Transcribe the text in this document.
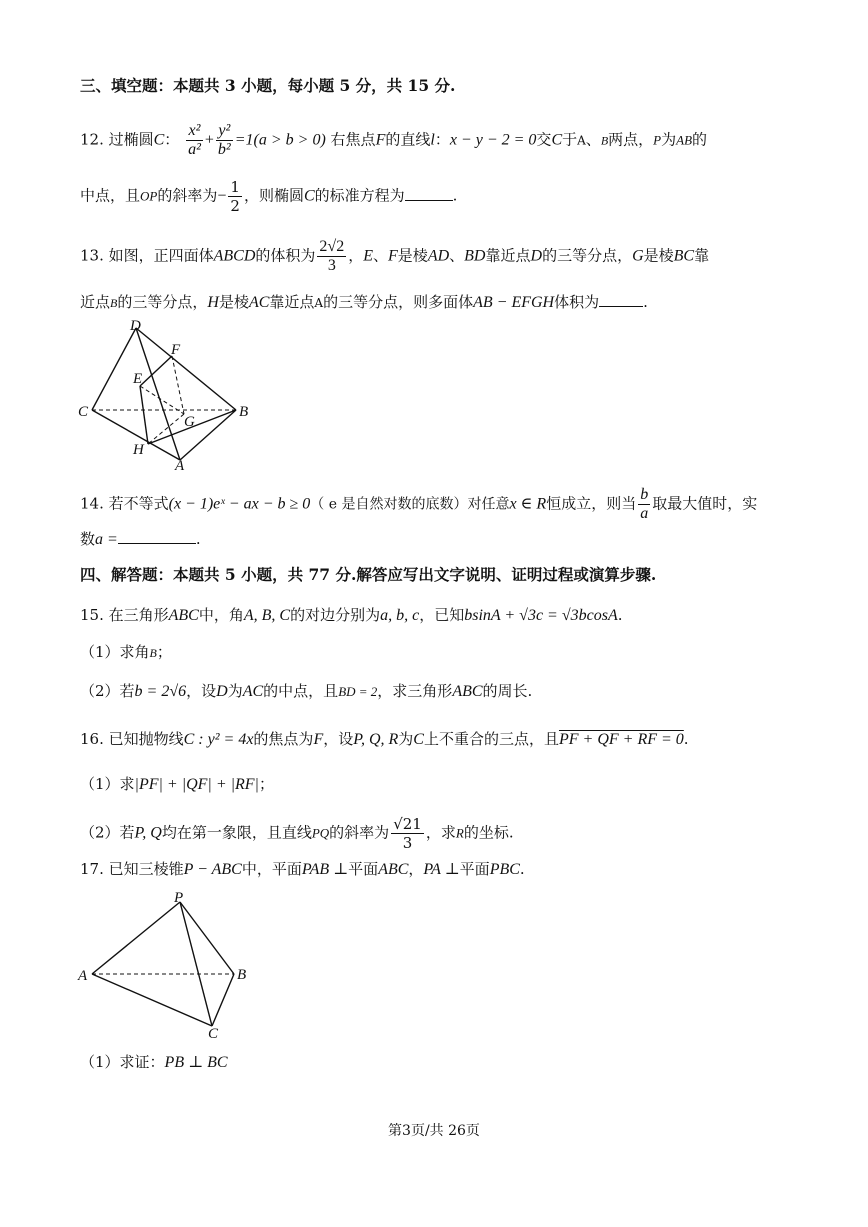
三、填空题：本题共 3 小题，每小题 5 分，共 15 分.
12. 过椭圆C： $\frac{\text{x²}}{\text{a²}} + \frac{\text{y²}}{\text{b²}} =1(a > b > 0)$ 右焦点F的直线l：x − y − 2 = 0交C于A、B两点，P为AB的
中点，且OP的斜率为− $\frac{1}{2}$ ，则椭圆C的标准方程为	.
13. 如图，正四面体ABCD的体积为 $\frac{2√2}{3}$ ，E、F是棱AD、BD靠近点D的三等分点，G是棱BC靠
近点B的三等分点，H是棱AC靠近点A的三等分点，则多面体AB − EFGH体积为	.
D
F
E
C	B
G
H
A
14. 若不等式(x − 1)eˣ − ax − b ≥ 0（ e 是自然对数的底数）对任意x ∈ R恒成立，则当 $\frac{b}{a}$ 取最大值时，实
数a =	.
四、解答题：本题共 5 小题，共 77 分.解答应写出文字说明、证明过程或演算步骤.
15. 在三角形ABC中，角A, B, C的对边分别为a, b, c，已知bsinA + √3c = √3bcosA.
（1）求角B；
（2）若b = 2√6，设D为AC的中点，且BD = 2，求三角形ABC的周长.
16. 已知抛物线C : y² = 4x的焦点为F，设P, Q, R为C上不重合的三点，且PF + QF + RF = 0.
（1）求|PF| + |QF| + |RF|；
（2）若P, Q均在第一象限，且直线PQ的斜率为 $\frac{√21}{3}$ ，求R的坐标.
17. 已知三棱锥P − ABC中，平面PAB ⊥平面ABC，PA ⊥平面PBC.
P
A	B
C
（1）求证：PB ⊥ BC
第3页/共 26页
